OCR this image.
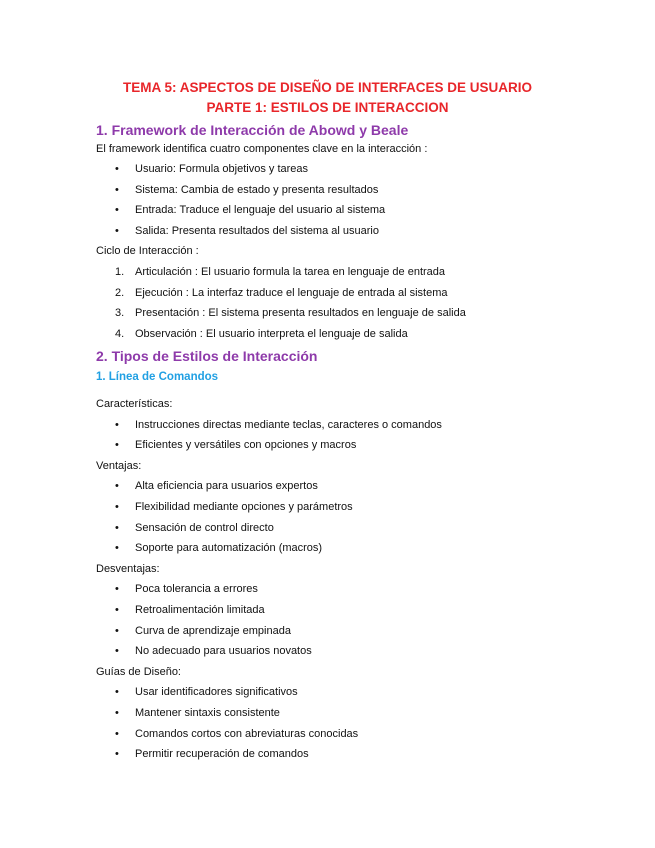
TEMA 5: ASPECTOS DE DISEÑO DE INTERFACES DE USUARIO
PARTE 1: ESTILOS DE INTERACCION
1. Framework de Interacción de Abowd y Beale
El framework identifica cuatro componentes clave en la interacción :
• Usuario: Formula objetivos y tareas
• Sistema: Cambia de estado y presenta resultados
• Entrada: Traduce el lenguaje del usuario al sistema
• Salida: Presenta resultados del sistema al usuario
Ciclo de Interacción :
1. Articulación : El usuario formula la tarea en lenguaje de entrada
2. Ejecución : La interfaz traduce el lenguaje de entrada al sistema
3. Presentación : El sistema presenta resultados en lenguaje de salida
4. Observación : El usuario interpreta el lenguaje de salida
2. Tipos de Estilos de Interacción
1. Línea de Comandos
Características:
• Instrucciones directas mediante teclas, caracteres o comandos
• Eficientes y versátiles con opciones y macros
Ventajas:
• Alta eficiencia para usuarios expertos
• Flexibilidad mediante opciones y parámetros
• Sensación de control directo
• Soporte para automatización (macros)
Desventajas:
• Poca tolerancia a errores
• Retroalimentación limitada
• Curva de aprendizaje empinada
• No adecuado para usuarios novatos
Guías de Diseño:
• Usar identificadores significativos
• Mantener sintaxis consistente
• Comandos cortos con abreviaturas conocidas
• Permitir recuperación de comandos
